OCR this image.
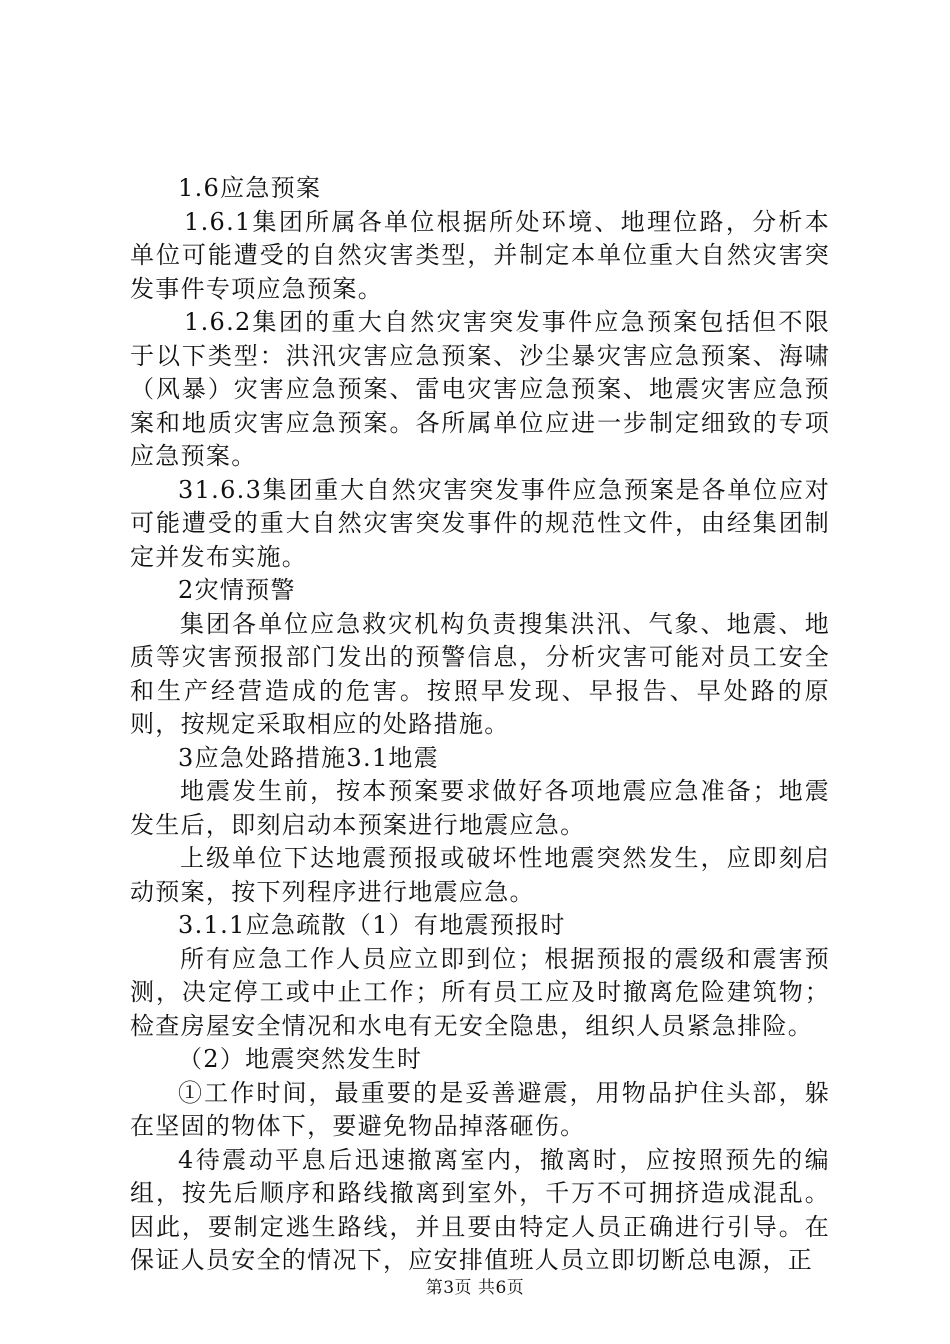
1.6应急预案

1.6.1集团所属各单位根据所处环境、地理位路，分析本单位可能遭受的自然灾害类型，并制定本单位重大自然灾害突发事件专项应急预案。

1.6.2集团的重大自然灾害突发事件应急预案包括但不限于以下类型：洪汛灾害应急预案、沙尘暴灾害应急预案、海啸（风暴）灾害应急预案、雷电灾害应急预案、地震灾害应急预案和地质灾害应急预案。各所属单位应进一步制定细致的专项应急预案。

31.6.3集团重大自然灾害突发事件应急预案是各单位应对可能遭受的重大自然灾害突发事件的规范性文件，由经集团制定并发布实施。

2灾情预警

集团各单位应急救灾机构负责搜集洪汛、气象、地震、地质等灾害预报部门发出的预警信息，分析灾害可能对员工安全和生产经营造成的危害。按照早发现、早报告、早处路的原则，按规定采取相应的处路措施。

3应急处路措施3.1地震

地震发生前，按本预案要求做好各项地震应急准备；地震发生后，即刻启动本预案进行地震应急。

上级单位下达地震预报或破坏性地震突然发生，应即刻启动预案，按下列程序进行地震应急。

3.1.1应急疏散（1）有地震预报时

所有应急工作人员应立即到位；根据预报的震级和震害预测，决定停工或中止工作；所有员工应及时撤离危险建筑物；检查房屋安全情况和水电有无安全隐患，组织人员紧急排险。

（2）地震突然发生时

①工作时间，最重要的是妥善避震，用物品护住头部，躲在坚固的物体下，要避免物品掉落砸伤。

4待震动平息后迅速撤离室内，撤离时，应按照预先的编组，按先后顺序和路线撤离到室外，千万不可拥挤造成混乱。因此，要制定逃生路线，并且要由特定人员正确进行引导。在保证人员安全的情况下，应安排值班人员立即切断总电源，正

第3页 共6页
